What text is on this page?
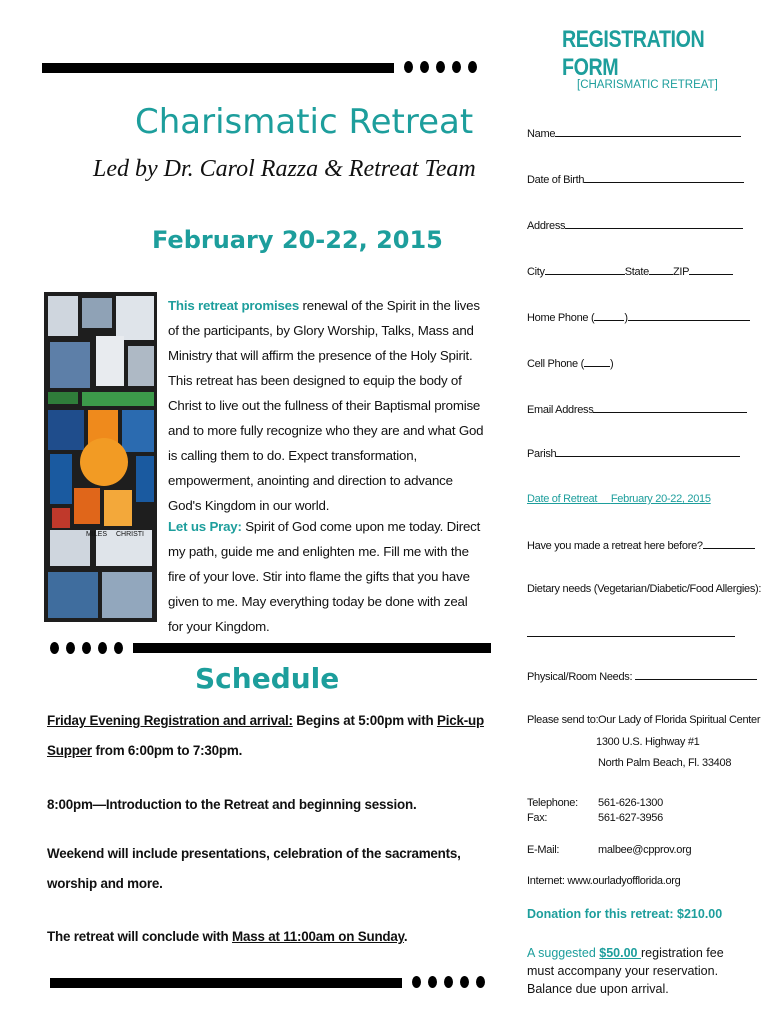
Charismatic Retreat
Led by Dr. Carol Razza & Retreat Team
February 20-22, 2015
MILES CHRISTI
This retreat promises renewal of the Spirit in the lives of the participants, by Glory Worship, Talks, Mass and Ministry that will affirm the presence of the Holy Spirit. This retreat has been designed to equip the body of Christ to live out the fullness of their Baptismal promise and to more fully recognize who they are and what God is calling them to do. Expect transformation, empowerment, anointing and direction to advance God's Kingdom in our world.
Let us Pray: Spirit of God come upon me today. Direct my path, guide me and enlighten me. Fill me with the fire of your love. Stir into flame the gifts that you have given to me. May everything today be done with zeal for your Kingdom.
Schedule
Friday Evening Registration and arrival: Begins at 5:00pm with Pick-up Supper from 6:00pm to 7:30pm.
8:00pm—Introduction to the Retreat and beginning session.
Weekend will include presentations, celebration of the sacraments, worship and more.
The retreat will conclude with Mass at 11:00am on Sunday.
REGISTRATION FORM
[CHARISMATIC RETREAT]
Name
Date of Birth
Address
City	State ZIP
Home Phone (	)
Cell Phone ( )
Email Address
Parish
Date of Retreat February 20-22, 2015
Have you made a retreat here before?
Dietary needs (Vegetarian/Diabetic/Food Allergies):
Physical/Room Needs:
Please send to: Our Lady of Florida Spiritual Center
1300 U.S. Highway #1
North Palm Beach, Fl. 33408
Telephone: 561-626-1300
Fax:	561-627-3956
E-Mail:	malbee@cpprov.org
Internet: www.ourladyofflorida.org
Donation for this retreat: $210.00
A suggested $50.00 registration fee must accompany your reservation. Balance due upon arrival.
